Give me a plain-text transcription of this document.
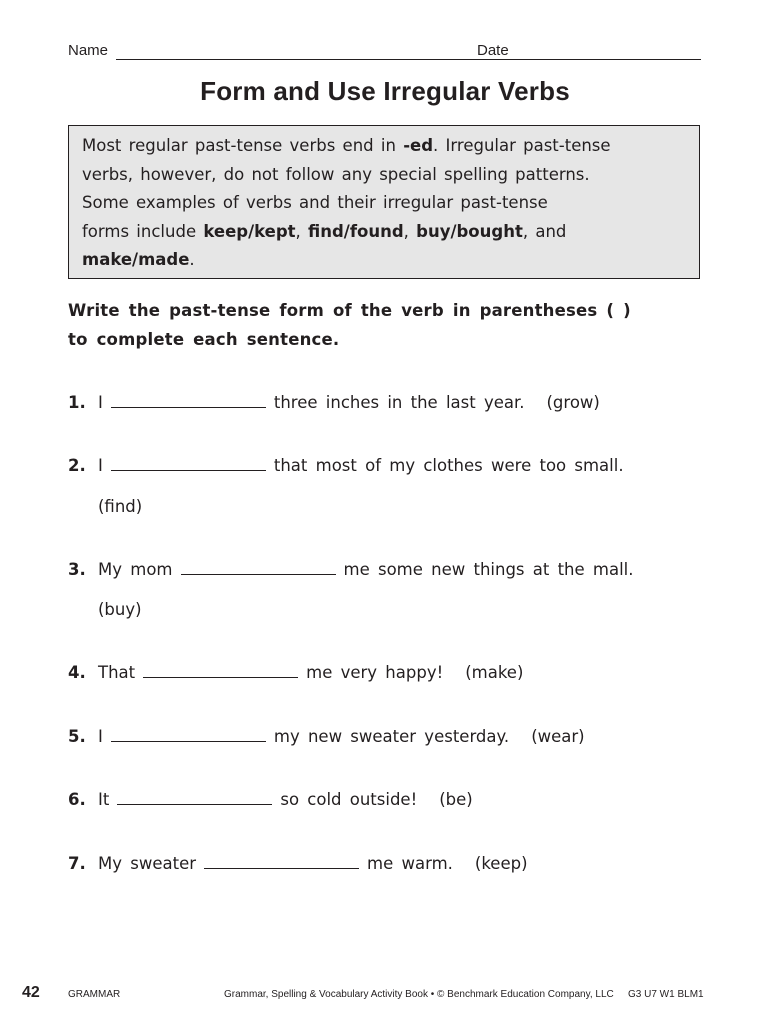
Name	Date
Form and Use Irregular Verbs
Most regular past-tense verbs end in -ed. Irregular past-tense
verbs, however, do not follow any special spelling patterns.
Some examples of verbs and their irregular past-tense
forms include keep/kept, find/found, buy/bought, and
make/made.
Write the past-tense form of the verb in parentheses ( )
to complete each sentence.
1. I	three inches in the last year. (grow)
2. I	that most of my clothes were too small.
(find)
3. My mom	me some new things at the mall.
(buy)
4. That	me very happy! (make)
5. I	my new sweater yesterday. (wear)
6. It	so cold outside! (be)
7. My sweater	me warm. (keep)
42	GRAMMAR	Grammar, Spelling & Vocabulary Activity Book • © Benchmark Education Company, LLC G3 U7 W1 BLM1
